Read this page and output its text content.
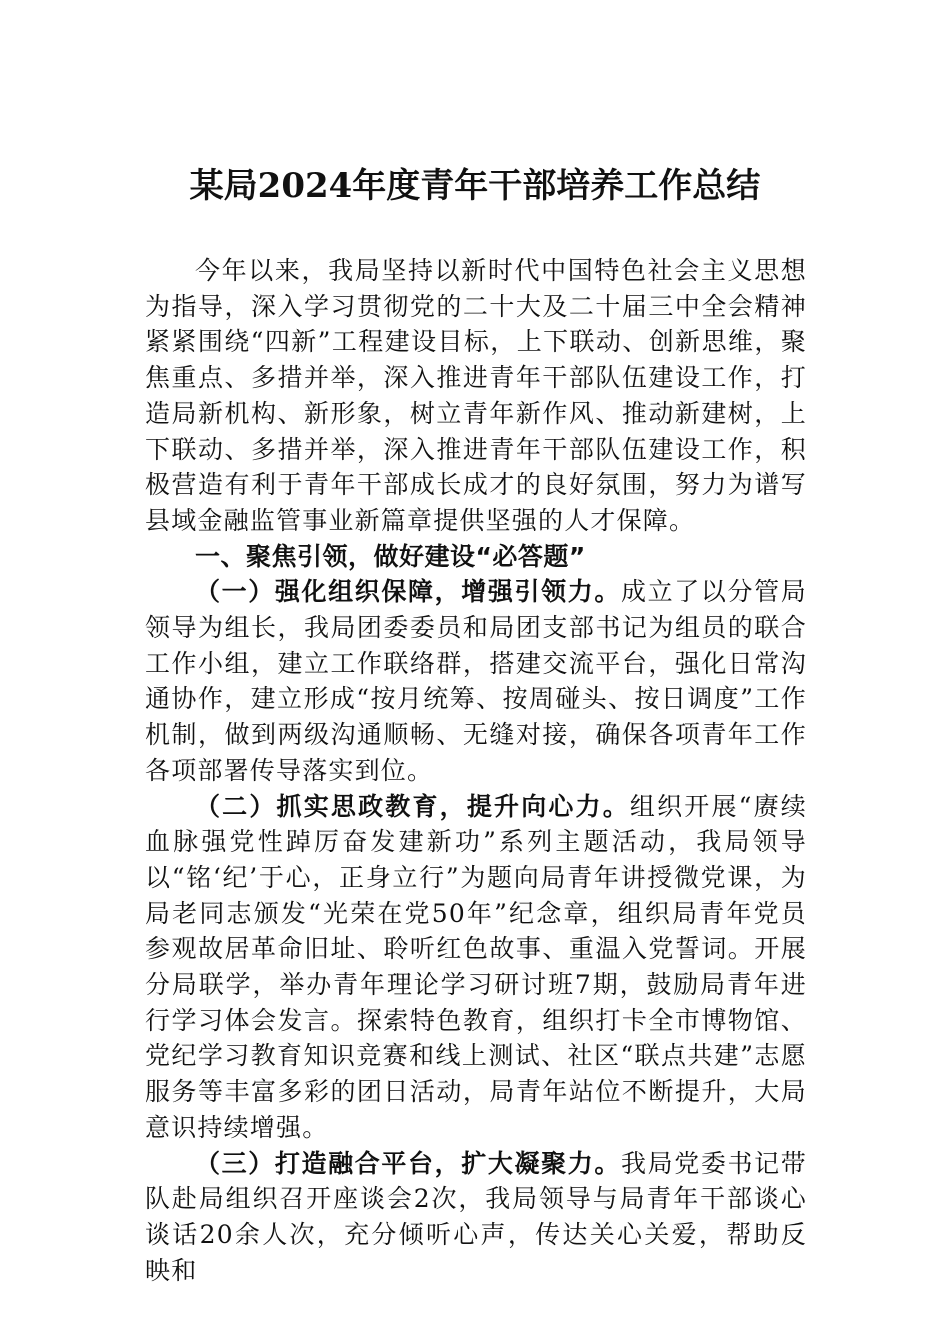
某局2024年度青年干部培养工作总结

今年以来，我局坚持以新时代中国特色社会主义思想为指导，深入学习贯彻党的二十大及二十届三中全会精神紧紧围绕“四新”工程建设目标，上下联动、创新思维，聚焦重点、多措并举，深入推进青年干部队伍建设工作，打造局新机构、新形象，树立青年新作风、推动新建树，上下联动、多措并举，深入推进青年干部队伍建设工作，积极营造有利于青年干部成长成才的良好氛围，努力为谱写县域金融监管事业新篇章提供坚强的人才保障。

一、聚焦引领，做好建设“必答题”

（一）强化组织保障，增强引领力。成立了以分管局领导为组长，我局团委委员和局团支部书记为组员的联合工作小组，建立工作联络群，搭建交流平台，强化日常沟通协作，建立形成“按月统筹、按周碰头、按日调度”工作机制，做到两级沟通顺畅、无缝对接，确保各项青年工作各项部署传导落实到位。

（二）抓实思政教育，提升向心力。组织开展“赓续血脉强党性踔厉奋发建新功”系列主题活动，我局领导以“铭‘纪’于心，正身立行”为题向局青年讲授微党课，为局老同志颁发“光荣在党50年”纪念章，组织局青年党员参观故居革命旧址、聆听红色故事、重温入党誓词。开展分局联学，举办青年理论学习研讨班7期，鼓励局青年进行学习体会发言。探索特色教育，组织打卡全市博物馆、党纪学习教育知识竞赛和线上测试、社区“联点共建”志愿服务等丰富多彩的团日活动，局青年站位不断提升，大局意识持续增强。

（三）打造融合平台，扩大凝聚力。我局党委书记带队赴局组织召开座谈会2次，我局领导与局青年干部谈心谈话20余人次，充分倾听心声，传达关心关爱，帮助反映和
